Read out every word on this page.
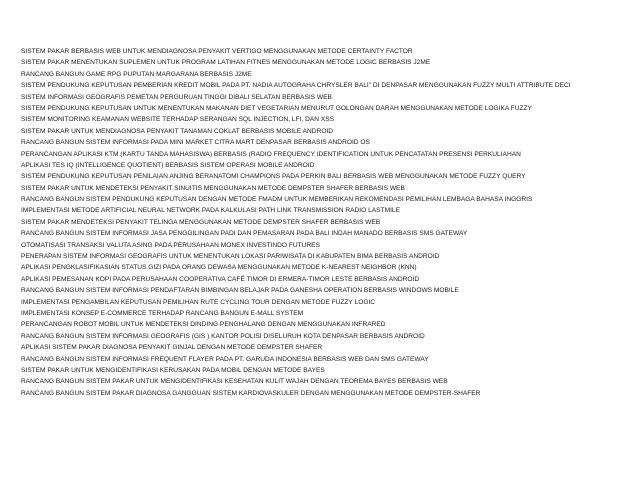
SISTEM PAKAR BERBASIS WEB UNTUK MENDIAGNOSA PENYAKIT VERTIGO MENGGUNAKAN METODE CERTAINTY FACTOR
SISTEM PAKAR MENENTUKAN SUPLEMEN UNTUK PROGRAM LATIHAN FITNES MENGGUNAKAN METODE LOGIC BERBASIS J2ME
RANCANG BANGUN GAME RPG PUPUTAN MARGARANA BERBASIS J2ME
SISTEM PENDUKUNG KEPUTUSAN PEMBERIAN KREDIT MOBIL PADA PT. NADIA AUTOGRAHA CHRYSLER BALI" DI DENPASAR MENGGUNAKAN FUZZY MULTI ATTRIBUTE DECI
SISTEM INFORMASI GEOGRAFIS PEMETAN PERGURUAN TINGGI DIBALI SELATAN BERBASIS WEB
SISTEM PENDUKUNG KEPUTUSAN UNTUK MENENTUKAN MAKANAN DIET VEGETARIAN MENURUT GOLONGAN DARAH MENGGUNAKAN METODE LOGIKA FUZZY
SISTEM MONITORING KEAMANAN WEBSITE TERHADAP SERANGAN SQL INJECTION, LFI, DAN XSS
SISTEM PAKAR UNTUK MENDIAGNOSA PENYAKIT TANAMAN COKLAT BERBASIS MOBILE ANDROID
RANCANG BANGUN SISTEM INFORMASI PADA MINI MARKET CITRA MART DENPASAR BERBASIS ANDROID OS
PERANCANGAN APLIKASI KTM (KARTU TANDA MAHASISWA) BERBASIS (RADIO FREQUENCY IDENTIFICATION UNTUK PENCATATAN PRESENSI PERKULIAHAN
APLIKASI TES IQ (INTELLIGENCE QUOTIENT) BERBASIS SISTEM OPERASI MOBILE ANDROID
SISTEM PENDUKUNG KEPUTUSAN PENILAIAN ANJING BERANATOMI CHAMPIONS PADA PERKIN BALI BERBASIS WEB MENGGUNAKAN METODE FUZZY QUERY
SISTEM PAKAR UNTUK MENDETEKSI PENYAKIT SINUITIS MENGGUNAKAN METODE DEMPSTER SHAFER BERBASIS WEB
RANCANG BANGUN SISTEM PENDUKUNG KEPUTUSAN DENGAN METODE FMADM UNTUK MEMBERIKAN REKOMENDASI PEMILIHAN LEMBAGA BAHASA INGGRIS
IMPLEMENTASI METODE ARTIFICIAL NEURAL NETWORK PADA KALKULASI PATH LINK TRANSMISSION RADIO LASTMILE
SISTEM PAKAR MENDETEKSI PENYAKIT TELINGA MENGGUNAKAN METODE DEMPSTER SHAFER BERBASIS WEB
RANCANG BANGUN SISTEM INFORMASI JASA PENGGILINGAN PADI DAN PEMASARAN PADA BALI INDAH MANADO BERBASIS SMS GATEWAY
OTOMATISASI TRANSAKSI VALUTA ASING PADA PERUSAHAAN MONEX INVESTINDO FUTURES
PENERAPAN SISTEM INFORMASI GEOGRAFIS UNTUK MENENTUKAN LOKASI PARIWISATA DI KABUPATEN BIMA BERBASIS ANDROID
APLIKASI PENGKLASIFIKASIAN STATUS GIZI PADA ORANG DEWASA MENGGUNAKAN METODE K-NEAREST NEIGHBOR (KNN)
APLIKASI PEMESANAN KOPI PADA PERUSAHAAN COOPERATIVA CAFÉ TIMOR DI ERMERA-TIMOR LESTE BERBASIS ANDROID
RANCANG BANGUN SISTEM INFORMASI PENDAFTARAN BIMBINGAN BELAJAR PADA GANESHA OPERATION BERBASIS WINDOWS MOBILE
IMPLEMENTASI PENGAMBILAN KEPUTUSAN PEMILIHAN RUTE CYCLING TOUR DENGAN METODE FUZZY LOGIC
IMPLEMENTASI KONSEP E-COMMERCE TERHADAP RANCANG BANGUN E-MALL SYSTEM
PERANCANGAN ROBOT MOBIL UNTUK MENDETEKSI DINDING PENGHALANG DENGAN MENGGUNAKAN INFRARED
RANCANG BANGUN SISTEM INFORMASI GEOGRAFIS (GIS ) KANTOR POLISI DISELURUH KOTA DENPASAR BERBASIS ANDROID
APLIKASI SISTEM PAKAR DIAGNOSA PENYAKIT GINJAL DENGAN METODE DEMPSTER SHAFER
RANCANG BANGUN SISTEM INFORMASI FREQUENT FLAYER PADA PT. GARUDA INDONESIA BERBASIS WEB DAN SMS GATEWAY
SISTEM PAKAR UNTUK MENGIDENTIFIKASI KERUSAKAN PADA MOBIL DENGAN METODE BAYES
RANCANG BANGUN SISTEM PAKAR UNTUK MENGIDENTIFIKASI KESEHATAN KULIT WAJAH DENGAN TEOREMA BAYES BERBASIS WEB
RANCANG BANGUN SISTEM PAKAR DIAGNOSA GANGGUAN SISTEM KARDIOVASKULER DENGAN MENGGUNAKAN METODE DEMPSTER-SHAFER
